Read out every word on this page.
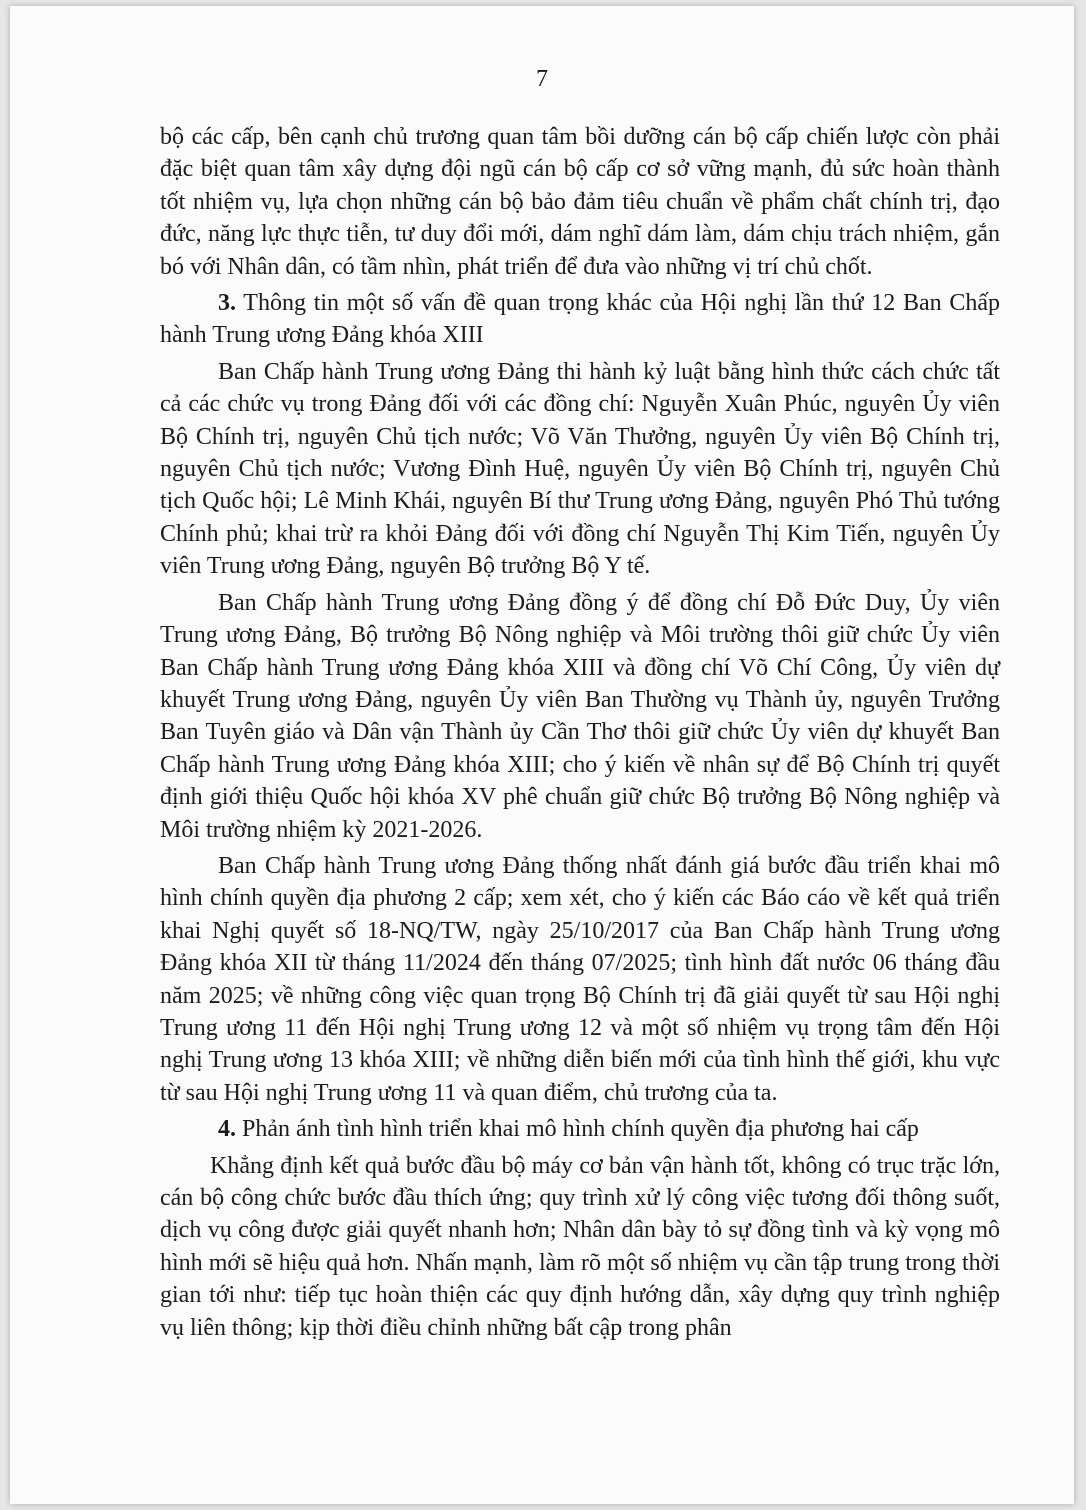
7

bộ các cấp, bên cạnh chủ trương quan tâm bồi dưỡng cán bộ cấp chiến lược còn phải đặc biệt quan tâm xây dựng đội ngũ cán bộ cấp cơ sở vững mạnh, đủ sức hoàn thành tốt nhiệm vụ, lựa chọn những cán bộ bảo đảm tiêu chuẩn về phẩm chất chính trị, đạo đức, năng lực thực tiễn, tư duy đổi mới, dám nghĩ dám làm, dám chịu trách nhiệm, gắn bó với Nhân dân, có tầm nhìn, phát triển để đưa vào những vị trí chủ chốt.

3. Thông tin một số vấn đề quan trọng khác của Hội nghị lần thứ 12 Ban Chấp hành Trung ương Đảng khóa XIII

Ban Chấp hành Trung ương Đảng thi hành kỷ luật bằng hình thức cách chức tất cả các chức vụ trong Đảng đối với các đồng chí: Nguyễn Xuân Phúc, nguyên Ủy viên Bộ Chính trị, nguyên Chủ tịch nước; Võ Văn Thưởng, nguyên Ủy viên Bộ Chính trị, nguyên Chủ tịch nước; Vương Đình Huệ, nguyên Ủy viên Bộ Chính trị, nguyên Chủ tịch Quốc hội; Lê Minh Khái, nguyên Bí thư Trung ương Đảng, nguyên Phó Thủ tướng Chính phủ; khai trừ ra khỏi Đảng đối với đồng chí Nguyễn Thị Kim Tiến, nguyên Ủy viên Trung ương Đảng, nguyên Bộ trưởng Bộ Y tế.

Ban Chấp hành Trung ương Đảng đồng ý để đồng chí Đỗ Đức Duy, Ủy viên Trung ương Đảng, Bộ trưởng Bộ Nông nghiệp và Môi trường thôi giữ chức Ủy viên Ban Chấp hành Trung ương Đảng khóa XIII và đồng chí Võ Chí Công, Ủy viên dự khuyết Trung ương Đảng, nguyên Ủy viên Ban Thường vụ Thành ủy, nguyên Trưởng Ban Tuyên giáo và Dân vận Thành ủy Cần Thơ thôi giữ chức Ủy viên dự khuyết Ban Chấp hành Trung ương Đảng khóa XIII; cho ý kiến về nhân sự để Bộ Chính trị quyết định giới thiệu Quốc hội khóa XV phê chuẩn giữ chức Bộ trưởng Bộ Nông nghiệp và Môi trường nhiệm kỳ 2021-2026.

Ban Chấp hành Trung ương Đảng thống nhất đánh giá bước đầu triển khai mô hình chính quyền địa phương 2 cấp; xem xét, cho ý kiến các Báo cáo về kết quả triển khai Nghị quyết số 18-NQ/TW, ngày 25/10/2017 của Ban Chấp hành Trung ương Đảng khóa XII từ tháng 11/2024 đến tháng 07/2025; tình hình đất nước 06 tháng đầu năm 2025; về những công việc quan trọng Bộ Chính trị đã giải quyết từ sau Hội nghị Trung ương 11 đến Hội nghị Trung ương 12 và một số nhiệm vụ trọng tâm đến Hội nghị Trung ương 13 khóa XIII; về những diễn biến mới của tình hình thế giới, khu vực từ sau Hội nghị Trung ương 11 và quan điểm, chủ trương của ta.

4. Phản ánh tình hình triển khai mô hình chính quyền địa phương hai cấp

Khẳng định kết quả bước đầu bộ máy cơ bản vận hành tốt, không có trục trặc lớn, cán bộ công chức bước đầu thích ứng; quy trình xử lý công việc tương đối thông suốt, dịch vụ công được giải quyết nhanh hơn; Nhân dân bày tỏ sự đồng tình và kỳ vọng mô hình mới sẽ hiệu quả hơn. Nhấn mạnh, làm rõ một số nhiệm vụ cần tập trung trong thời gian tới như: tiếp tục hoàn thiện các quy định hướng dẫn, xây dựng quy trình nghiệp vụ liên thông; kịp thời điều chỉnh những bất cập trong phân
